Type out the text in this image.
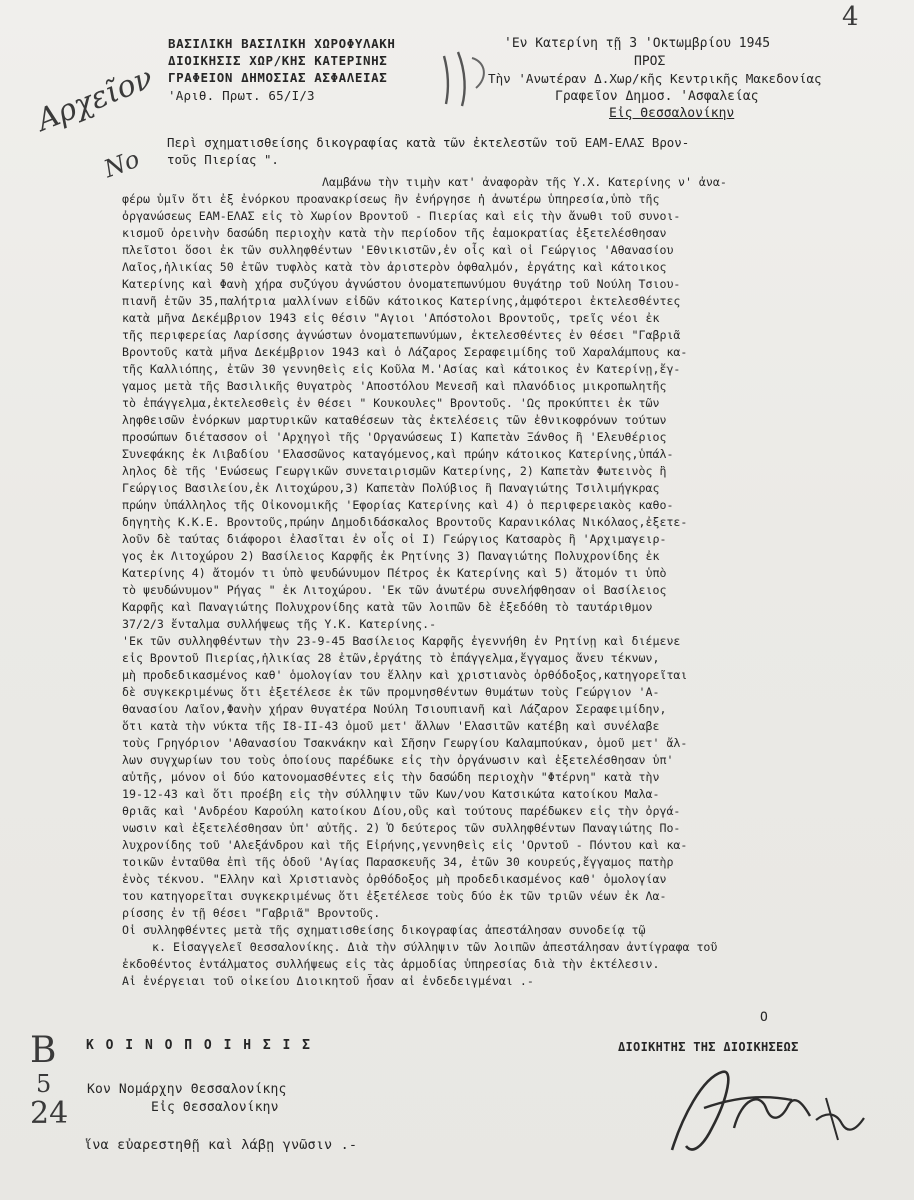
4
ΒΑΣΙΛΙΚΗ ΒΑΣΙΛΙΚΗ ΧΩΡΟΦΥΛΑΚΗ
ΔΙΟΙΚΗΣΙΣ ΧΩΡ/ΚΗΣ ΚΑΤΕΡΙΝΗΣ
ΓΡΑΦΕΙΟΝ ΔΗΜΟΣΙΑΣ ΑΣΦΑΛΕΙΑΣ
'Αριθ. Πρωτ. 65/Ι/3
'Εν Κατερίνη τῇ 3 'Οκτωμβρίου 1945
ΠΡΟΣ
Τὴν 'Ανωτέραν Δ.Χωρ/κῆς Κεντρικῆς Μακεδονίας
Γραφεῖον Δημοσ. 'Ασφαλείας
Εἰς Θεσσαλονίκην
Περὶ σχηματισθείσης δικογραφίας κατὰ τῶν ἐκτελεστῶν τοῦ ΕΑΜ-ΕΛΑΣ Βρον-
τοῦς Πιερίας ".
Λαμβάνω τὴν τιμὴν κατ' ἀναφορὰν τῆς Υ.Χ. Κατερίνης ν' ἀνα-
φέρω ὑμῖν ὅτι ἐξ ἐνόρκου προανακρίσεως ἣν ἐνήργησε ἡ ἀνωτέρω ὑπηρεσία,ὑπὸ τῆς
ὀργανώσεως ΕΑΜ-ΕΛΑΣ εἰς τὸ Χωρίον Βροντοῦ - Πιερίας καὶ εἰς τὴν ἄνωθι τοῦ συνοι-
κισμοῦ ὀρεινὴν δασώδη περιοχὴν κατὰ τὴν περίοδον τῆς ἐαμοκρατίας ἐξετελέσθησαν
πλεῖστοι ὅσοι ἐκ τῶν συλληφθέντων 'Εθνικιστῶν,ἐν οἷς καὶ οἱ Γεώργιος 'Αθανασίου
Λαῖος,ἡλικίας 50 ἐτῶν τυφλὸς κατὰ τὸν ἀριστερὸν ὀφθαλμόν, ἐργάτης καὶ κάτοικος
Κατερίνης καὶ Φανὴ χήρα συζύγου ἀγνώστου ὀνοματεπωνύμου θυγάτηρ τοῦ Νούλη Τσιου-
πιανῆ ἐτῶν 35,παλήτρια μαλλίνων εἰδῶν κάτοικος Κατερίνης,ἀμφότεροι ἐκτελεσθέντες
κατὰ μῆνα Δεκέμβριον 1943 εἰς θέσιν "Αγιοι 'Απόστολοι Βροντοῦς, τρεῖς νέοι ἐκ
τῆς περιφερείας Λαρίσσης ἀγνώστων ὀνοματεπωνύμων, ἐκτελεσθέντες ἐν θέσει "Γαβριᾶ
Βροντοῦς κατὰ μῆνα Δεκέμβριον 1943 καὶ ὁ Λάζαρος Σεραφειμίδης τοῦ Χαραλάμπους κα-
τῆς Καλλιόπης, ἐτῶν 30 γεννηθεὶς εἰς Κοῦλα Μ.'Ασίας καὶ κάτοικος ἐν Κατερίνῃ,ἔγ-
γαμος μετὰ τῆς Βασιλικῆς θυγατρὸς 'Αποστόλου Μενεσῆ καὶ πλανόδιος μικροπωλητῆς
τὸ ἐπάγγελμα,ἐκτελεσθεὶς ἐν θέσει " Κουκουλες" Βροντοῦς. 'Ως προκύπτει ἐκ τῶν
ληφθεισῶν ἐνόρκων μαρτυρικῶν καταθέσεων τὰς ἐκτελέσεις τῶν ἐθνικοφρόνων τούτων
προσώπων διέτασσον οἱ 'Αρχηγοὶ τῆς 'Οργανώσεως Ι) Καπετὰν Ξάνθος ἢ 'Ελευθέριος
Συνεφάκης ἐκ Λιβαδίου 'Ελασσῶνος καταγόμενος,καὶ πρώην κάτοικος Κατερίνης,ὑπάλ-
ληλος δὲ τῆς 'Ενώσεως Γεωργικῶν συνεταιρισμῶν Κατερίνης, 2) Καπετὰν Φωτεινὸς ἢ
Γεώργιος Βασιλείου,ἐκ Λιτοχώρου,3) Καπετὰν Πολύβιος ἢ Παναγιώτης Τσιλιμήγκρας
πρώην ὑπάλληλος τῆς Οἰκονομικῆς 'Εφορίας Κατερίνης καὶ 4) ὁ περιφερειακὸς καθο-
δηγητὴς Κ.Κ.Ε. Βροντοῦς,πρώην Δημοδιδάσκαλος Βροντοῦς Καρανικόλας Νικόλαος,ἐξετε-
λοῦν δὲ ταύτας διάφοροι ἐλασῖται ἐν οἷς οἱ Ι) Γεώργιος Κατσαρὸς ἢ 'Αρχιμαγειρ-
γος ἐκ Λιτοχώρου 2) Βασίλειος Καρφῆς ἐκ Ρητίνης 3) Παναγιώτης Πολυχρονίδης ἐκ
Κατερίνης 4) ἄτομόν τι ὑπὸ ψευδώνυμον Πέτρος ἐκ Κατερίνης καὶ 5) ἄτομόν τι ὑπὸ
τὸ ψευδώνυμον" Ρήγας " ἐκ Λιτοχώρου. 'Εκ τῶν ἀνωτέρω συνελήφθησαν οἱ Βασίλειος
Καρφῆς καὶ Παναγιώτης Πολυχρονίδης κατὰ τῶν λοιπῶν δὲ ἐξεδόθη τὸ ταυτάριθμον
37/2/3 ἔνταλμα συλλήψεως τῆς Υ.Κ. Κατερίνης.-
'Εκ τῶν συλληφθέντων τὴν 23-9-45 Βασίλειος Καρφῆς ἐγεννήθη ἐν Ρητίνῃ καὶ διέμενε
εἰς Βροντοῦ Πιερίας,ἡλικίας 28 ἐτῶν,ἐργάτης τὸ ἐπάγγελμα,ἔγγαμος ἄνευ τέκνων,
μὴ προδεδικασμένος καθ' ὁμολογίαν του ἕλλην καὶ χριστιανὸς ὀρθόδοξος,κατηγορεῖται
δὲ συγκεκριμένως ὅτι ἐξετέλεσε ἐκ τῶν προμνησθέντων θυμάτων τοὺς Γεώργιον 'Α-
θανασίου Λαῖον,Φανὴν χήραν θυγατέρα Νούλη Τσιουπιανῆ καὶ Λάζαρον Σεραφειμίδην,
ὅτι κατὰ τὴν νύκτα τῆς I8-II-43 ὁμοῦ μετ' ἄλλων 'Ελασιτῶν κατέβη καὶ συνέλαβε
τοὺς Γρηγόριον 'Αθανασίου Τσακνάκην καὶ Σῆσην Γεωργίου Καλαμπούκαν, ὁμοῦ μετ' ἄλ-
λων συγχωρίων του τοὺς ὁποίους παρέδωκε εἰς τὴν ὀργάνωσιν καὶ ἐξετελέσθησαν ὑπ'
αὐτῆς, μόνον οἱ δύο κατονομασθέντες εἰς τὴν δασώδη περιοχὴν "Φτέρνη" κατὰ τὴν
19-12-43 καὶ ὅτι προέβη εἰς τὴν σύλληψιν τῶν Κων/νου Κατσικώτα κατοίκου Μαλα-
θριᾶς καὶ 'Ανδρέου Καρούλη κατοίκου Δίου,οὓς καὶ τούτους παρέδωκεν εἰς τὴν ὀργά-
νωσιν καὶ ἐξετελέσθησαν ὑπ' αὐτῆς. 2) Ὁ δεύτερος τῶν συλληφθέντων Παναγιώτης Πο-
λυχρονίδης τοῦ 'Αλεξάνδρου καὶ τῆς Εἰρήνης,γεννηθεὶς εἰς 'Ορντοῦ - Πόντου καὶ κα-
τοικῶν ἐνταῦθα ἐπὶ τῆς ὁδοῦ 'Αγίας Παρασκευῆς 34, ἐτῶν 30 κουρεύς,ἔγγαμος πατὴρ
ἑνὸς τέκνου. "Ελλην καὶ Χριστιανὸς ὀρθόδοξος μὴ προδεδικασμένος καθ' ὁμολογίαν
του κατηγορεῖται συγκεκριμένως ὅτι ἐξετέλεσε τοὺς δύο ἐκ τῶν τριῶν νέων ἐκ Λα-
ρίσσης ἐν τῇ θέσει "Γαβριᾶ" Βροντοῦς.
Οἱ συλληφθέντες μετὰ τῆς σχηματισθείσης δικογραφίας ἀπεστάλησαν συνοδείᾳ τῷ
κ. Εἰσαγγελεῖ Θεσσαλονίκης. Διὰ τὴν σύλληψιν τῶν λοιπῶν ἀπεστάλησαν ἀντίγραφα τοῦ
ἐκδοθέντος ἐντάλματος συλλήψεως εἰς τὰς ἁρμοδίας ὑπηρεσίας διὰ τὴν ἐκτέλεσιν.
Αἱ ἐνέργειαι τοῦ οἰκείου Διοικητοῦ ἦσαν αἱ ἐνδεδειγμέναι .-
Ο
ΔΙΟΙΚΗΤΗΣ ΤΗΣ ΔΙΟΙΚΗΣΕΩΣ
Κ Ο Ι Ν Ο Π Ο Ι Η Σ Ι Σ
Κον Νομάρχην Θεσσαλονίκης
Εἰς Θεσσαλονίκην
ἵνα εὐαρεστηθῇ καὶ λάβῃ γνῶσιν .-
Αρχεῖον
Νο
Β
5
24
